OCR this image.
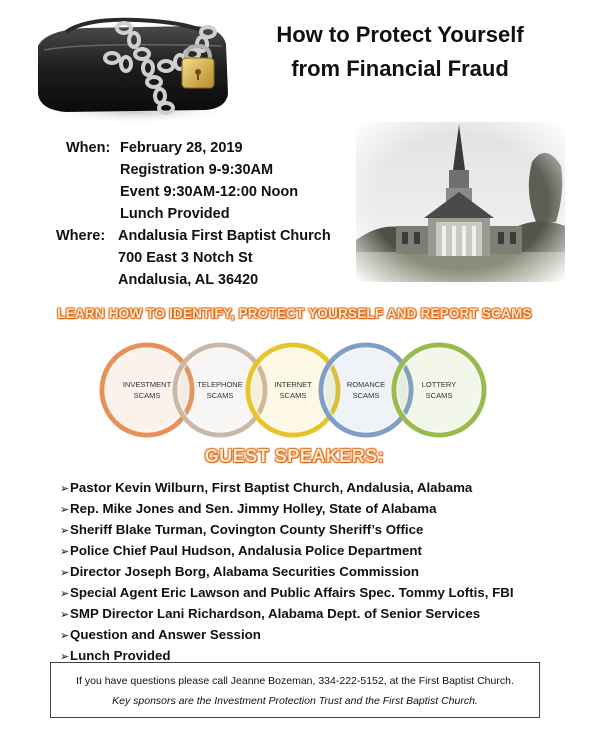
How to Protect Yourself
from Financial Fraud
When: February 28, 2019
Registration 9-9:30AM
Event 9:30AM-12:00 Noon
Lunch Provided
Where: Andalusia First Baptist Church
700 East 3 Notch St
Andalusia, AL 36420
LEARN HOW TO IDENTIFY, PROTECT YOURSELF AND REPORT SCAMS
INVESTMENT
SCAMS
TELEPHONE
SCAMS
INTERNET
SCAMS
ROMANCE
SCAMS
LOTTERY
SCAMS
GUEST SPEAKERS:
➢Pastor Kevin Wilburn, First Baptist Church, Andalusia, Alabama
➢Rep. Mike Jones and Sen. Jimmy Holley, State of Alabama
➢Sheriff Blake Turman, Covington County Sheriff’s Office
➢Police Chief Paul Hudson, Andalusia Police Department
➢Director Joseph Borg, Alabama Securities Commission
➢Special Agent Eric Lawson and Public Affairs Spec. Tommy Loftis, FBI
➢SMP Director Lani Richardson, Alabama Dept. of Senior Services
➢Question and Answer Session
➢Lunch Provided
If you have questions please call Jeanne Bozeman, 334-222-5152, at the First Baptist Church.
Key sponsors are the Investment Protection Trust and the First Baptist Church.
